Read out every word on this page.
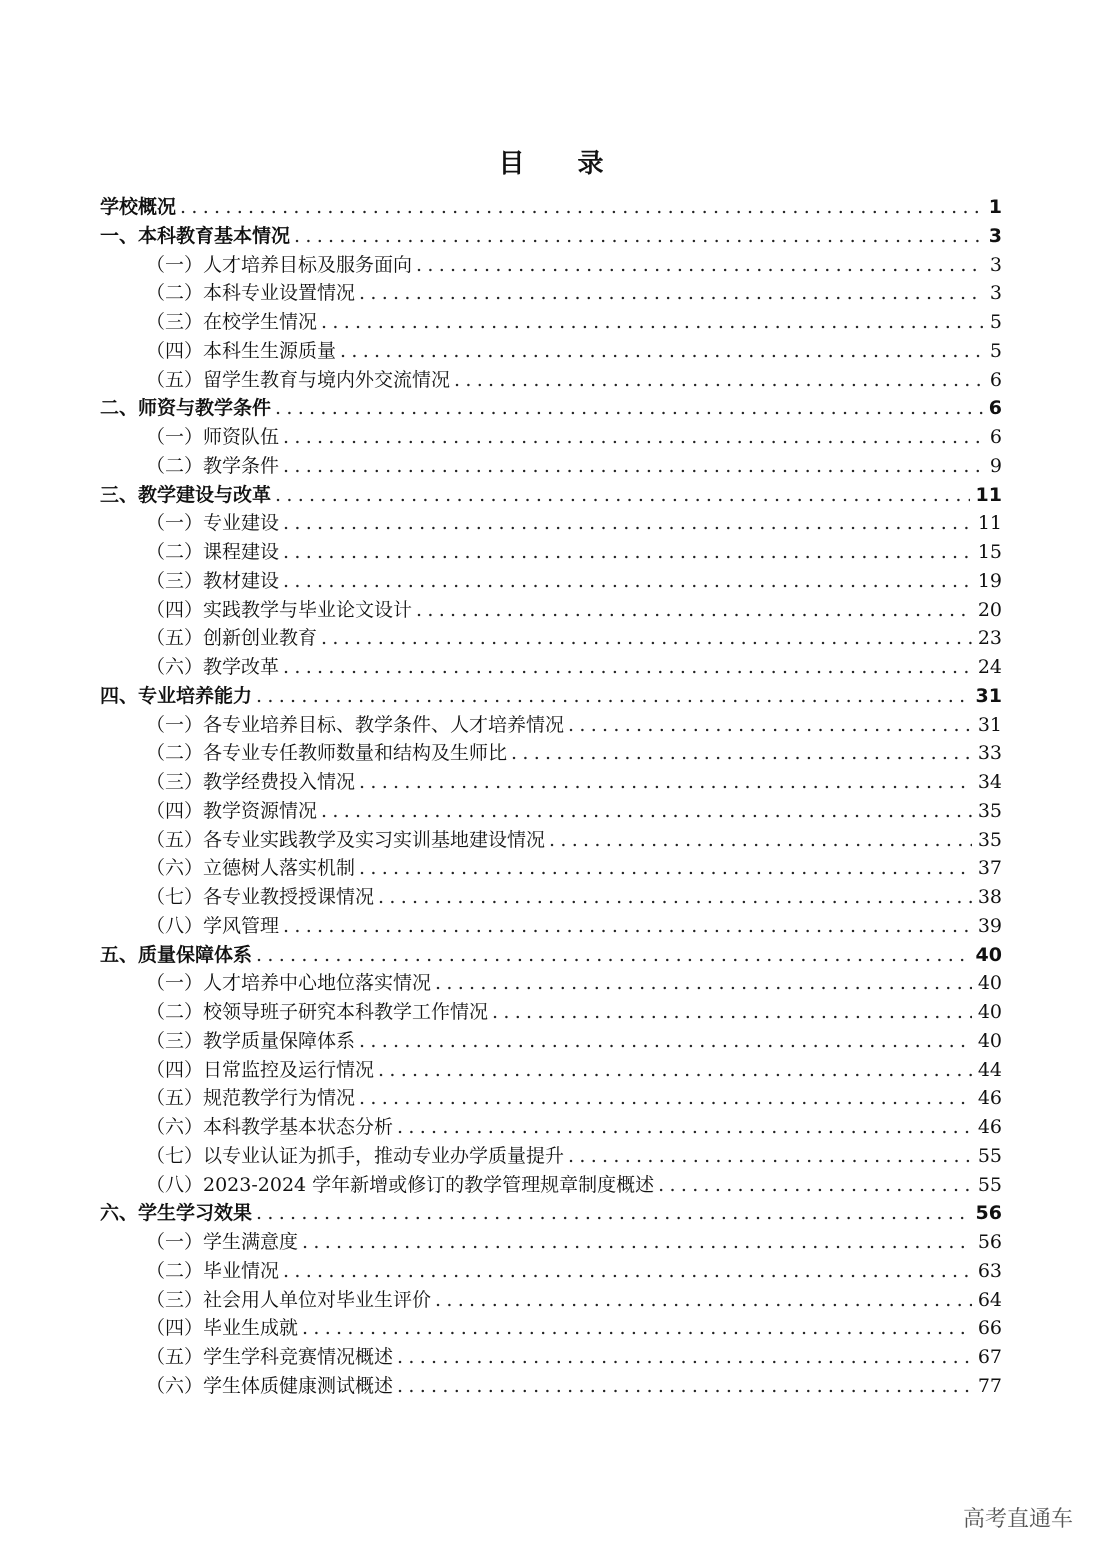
目 录
学校概况 .....	1
一、本科教育基本情况 .....	3
（一）人才培养目标及服务面向 .....	3
（二）本科专业设置情况 .....	3
（三）在校学生情况 .....	5
（四）本科生生源质量 .....	5
（五）留学生教育与境内外交流情况 .....	6
二、师资与教学条件 .....	6
（一）师资队伍 .....	6
（二）教学条件 .....	9
三、教学建设与改革 .....	11
（一）专业建设 .....	11
（二）课程建设 .....	15
（三）教材建设 .....	19
（四）实践教学与毕业论文设计 .....	20
（五）创新创业教育 .....	23
（六）教学改革 .....	24
四、专业培养能力 .....	31
（一）各专业培养目标、教学条件、人才培养情况 .....	31
（二）各专业专任教师数量和结构及生师比 .....	33
（三）教学经费投入情况 .....	34
（四）教学资源情况 .....	35
（五）各专业实践教学及实习实训基地建设情况 .....	35
（六）立德树人落实机制 .....	37
（七）各专业教授授课情况 .....	38
（八）学风管理 .....	39
五、质量保障体系 .....	40
（一）人才培养中心地位落实情况 .....	40
（二）校领导班子研究本科教学工作情况 .....	40
（三）教学质量保障体系 .....	40
（四）日常监控及运行情况 .....	44
（五）规范教学行为情况 .....	46
（六）本科教学基本状态分析 .....	46
（七）以专业认证为抓手，推动专业办学质量提升 .....	55
（八）2023-2024 学年新增或修订的教学管理规章制度概述 .....	55
六、学生学习效果 .....	56
（一）学生满意度 .....	56
（二）毕业情况 .....	63
（三）社会用人单位对毕业生评价 .....	64
（四）毕业生成就 .....	66
（五）学生学科竞赛情况概述 .....	67
（六）学生体质健康测试概述 .....	77
高考直通车
